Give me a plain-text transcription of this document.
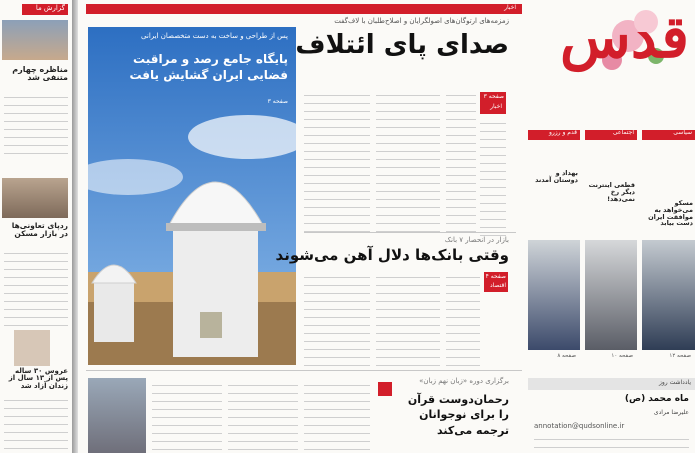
گزارش ما
مناظره چهارم متنفی شد
ردپای تعاونی‌ها در بازار مسکن
عروس ۳۰ ساله پس از ۱۳ سال از زندان آزاد شد
اخبار
زمزمه‌های ارتوگان‌های اصولگرایان و اصلاح‌طلبان با لاف‌گفت
پس از طراحی و ساخت به دست متخصصان ایرانی
پایگاه جامع رصد و مراقبت فضایی ایران گشایش یافت
صفحه ۳
صدای پای ائتلاف
صفحه ۳
اخبار
بازار در انحصار ۷ بانک
وقتی بانک‌ها دلال آهن می‌شوند
صفحه ۴
اقتصاد
برگزاری دوره «زبان نهم زبان»
رحمان‌دوست قرآن را برای نوجوانان ترجمه می‌کند
قدس
قدم و رزرو
بهداد و دوستان آمدند
صفحه ۸
اجتماعی
قطعی اینترنت دیگر رخ نمی‌دهد!
صفحه ۱۰
سیاسی
مسکو می‌خواهد به موافقت ایران دست بیابد
صفحه ۱۲
یادداشت روز
ماه محمد (ص)
علیرضا مرادی
annotation@qudsonline.ir
